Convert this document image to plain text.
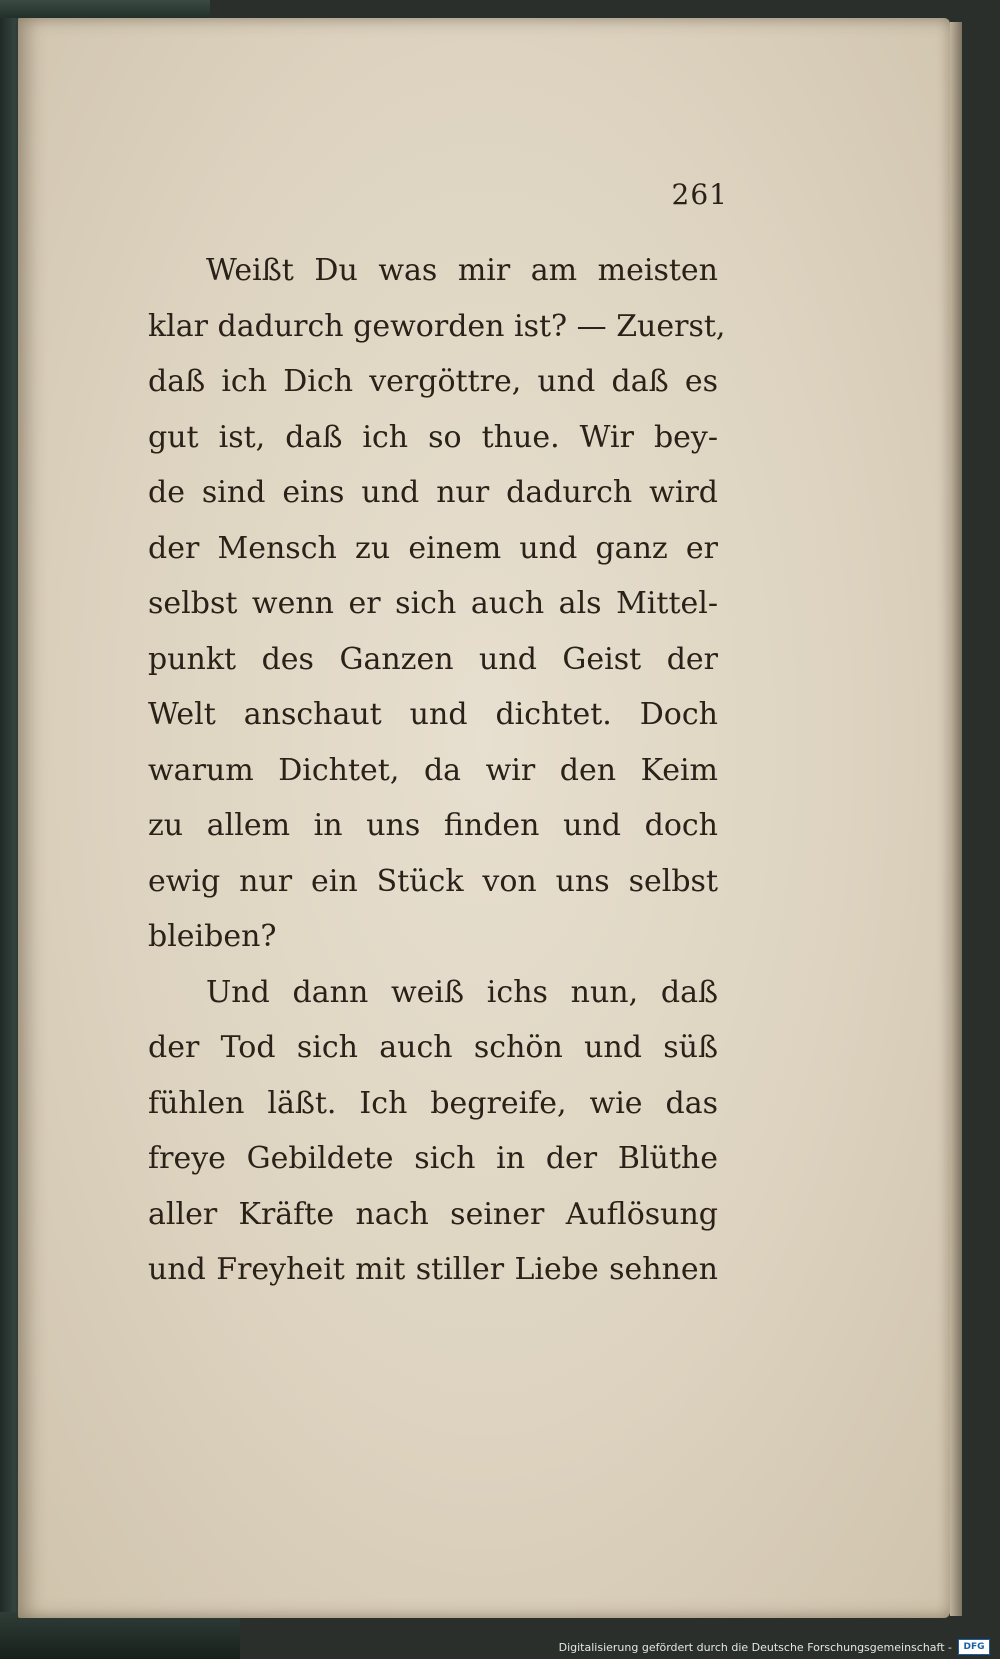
261
Weißt Du was mir am meisten
klar dadurch geworden ist? — Zuerst,
daß ich Dich vergöttre, und daß es
gut ist, daß ich so thue. Wir bey-
de sind eins und nur dadurch wird
der Mensch zu einem und ganz er
selbst wenn er sich auch als Mittel-
punkt des Ganzen und Geist der
Welt anschaut und dichtet. Doch
warum Dichtet, da wir den Keim
zu allem in uns finden und doch
ewig nur ein Stück von uns selbst
bleiben?
Und dann weiß ichs nun, daß
der Tod sich auch schön und süß
fühlen läßt. Ich begreife, wie das
freye Gebildete sich in der Blüthe
aller Kräfte nach seiner Auflösung
und Freyheit mit stiller Liebe sehnen
Digitalisierung gefördert durch die Deutsche Forschungsgemeinschaft -	DFG
